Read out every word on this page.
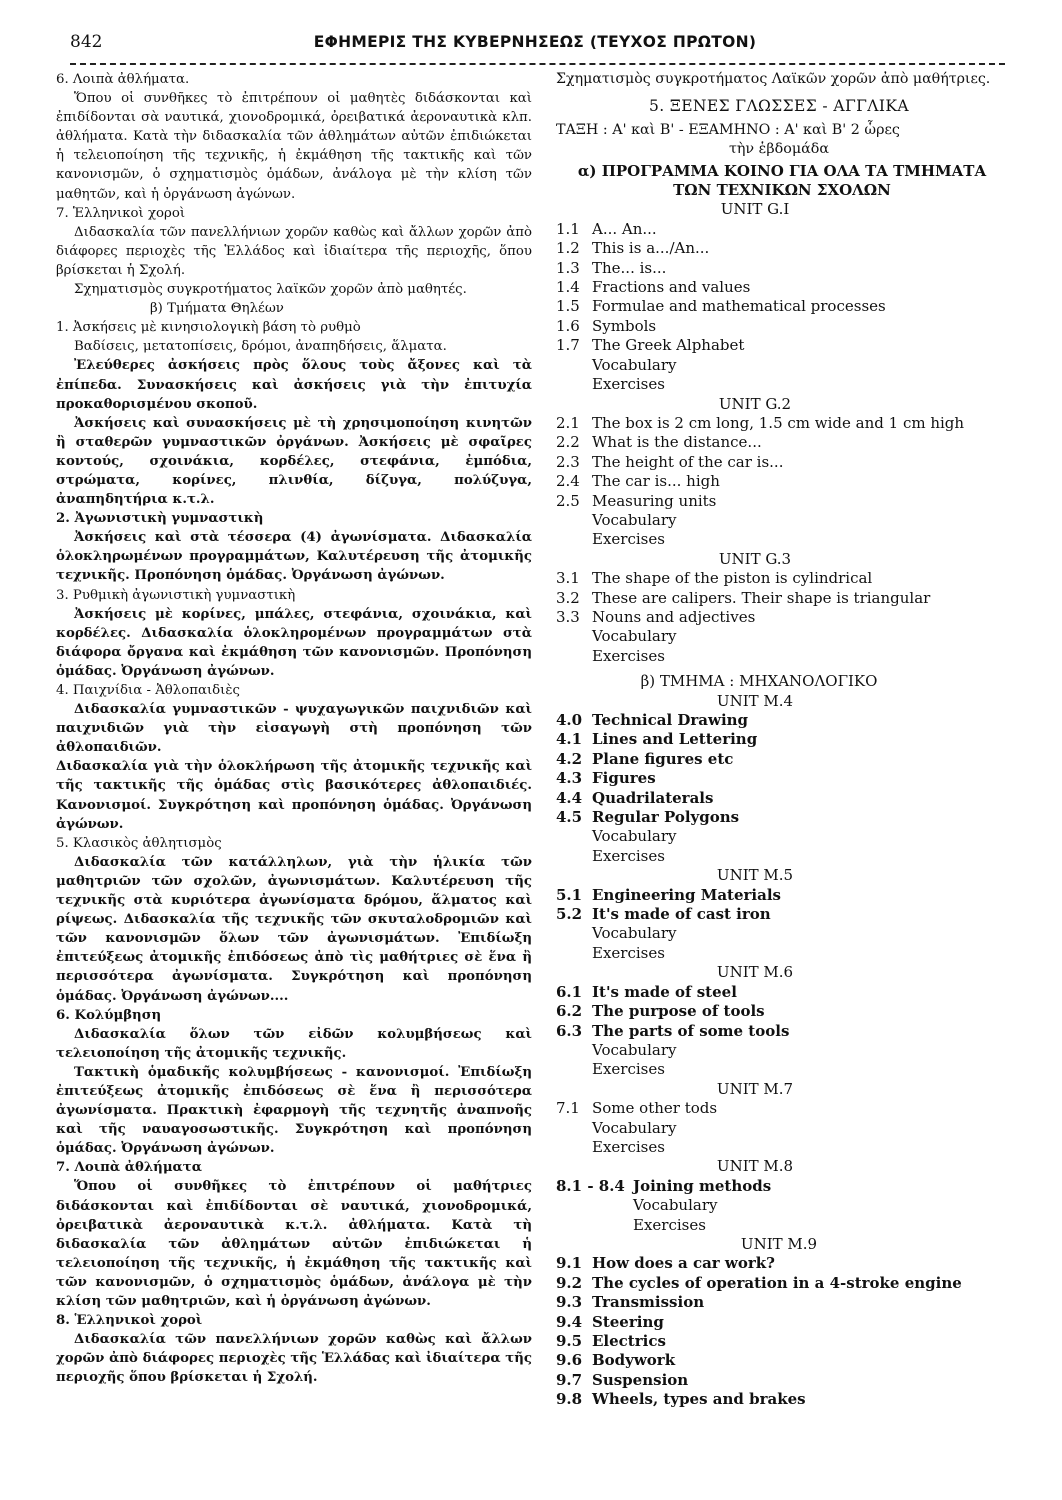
842	ΕΦΗΜΕΡΙΣ ΤΗΣ ΚΥΒΕΡΝΗΣΕΩΣ (ΤΕΥΧΟΣ ΠΡΩΤΟΝ)

6. Λοιπὰ ἀθλήματα.

Ὅπου οἱ συνθῆκες τὸ ἐπιτρέπουν οἱ μαθητὲς διδάσκονται καὶ ἐπιδίδονται σὰ ναυτικά, χιονοδρομικά, ὀρειβατικά ἀεροναυτικὰ κλπ. ἀθλήματα. Κατὰ τὴν διδασκαλία τῶν ἀθλημάτων αὐτῶν ἐπιδιώκεται ἡ τελειοποίηση τῆς τεχνικῆς, ἡ ἐκμάθηση τῆς τακτικῆς καὶ τῶν κανονισμῶν, ὁ σχηματισμὸς ὁμάδων, ἀνάλογα μὲ τὴν κλίση τῶν μαθητῶν, καὶ ἡ ὀργάνωση ἀγώνων.

7. Ἑλληνικοὶ χοροὶ

Διδασκαλία τῶν πανελλήνιων χορῶν καθὼς καὶ ἄλλων χορῶν ἀπὸ διάφορες περιοχὲς τῆς Ἑλλάδος καὶ ἰδιαίτερα τῆς περιοχῆς, ὅπου βρίσκεται ἡ Σχολή.

Σχηματισμὸς συγκροτήματος λαϊκῶν χορῶν ἀπὸ μαθητές.

β) Τμήματα Θηλέων

1. Ἀσκήσεις μὲ κινησιολογικὴ βάση τὸ ρυθμὸ

Βαδίσεις, μετατοπίσεις, δρόμοι, ἀναπηδήσεις, ἅλματα.

Ἐλεύθερες ἀσκήσεις πρὸς ὅλους τοὺς ἄξονες καὶ τὰ ἐπίπεδα. Συνασκήσεις καὶ ἀσκήσεις γιὰ τὴν ἐπιτυχία προκαθορισμένου σκοποῦ.

Ἀσκήσεις καὶ συνασκήσεις μὲ τὴ χρησιμοποίηση κινητῶν ἢ σταθερῶν γυμναστικῶν ὀργάνων. Ἀσκήσεις μὲ σφαῖρες κοντούς, σχοινάκια, κορδέλες, στεφάνια, ἐμπόδια, στρώματα, κορίνες, πλινθία, δίζυγα, πολύζυγα, ἀναπηδητήρια κ.τ.λ.

2. Ἀγωνιστικὴ γυμναστικὴ

Ἀσκήσεις καὶ στὰ τέσσερα (4) ἀγωνίσματα. Διδασκαλία ὁλοκληρωμένων προγραμμάτων, Καλυτέρευση τῆς ἀτομικῆς τεχνικῆς. Προπόνηση ὁμάδας. Ὀργάνωση ἀγώνων.

3. Ρυθμικὴ ἀγωνιστικὴ γυμναστικὴ

Ἀσκήσεις μὲ κορίνες, μπάλες, στεφάνια, σχοινάκια, καὶ κορδέλες. Διδασκαλία ὁλοκληρομένων προγραμμάτων στὰ διάφορα ὄργανα καὶ ἐκμάθηση τῶν κανονισμῶν. Προπόνηση ὁμάδας. Ὀργάνωση ἀγώνων.

4. Παιχνίδια - Ἀθλοπαιδιὲς

Διδασκαλία γυμναστικῶν - ψυχαγωγικῶν παιχνιδιῶν καὶ παιχνιδιῶν γιὰ τὴν εἰσαγωγὴ στὴ προπόνηση τῶν ἀθλοπαιδιῶν.

Διδασκαλία γιὰ τὴν ὁλοκλήρωση τῆς ἀτομικῆς τεχνικῆς καὶ τῆς τακτικῆς τῆς ὁμάδας στὶς βασικότερες ἀθλοπαιδιές. Κανονισμοί. Συγκρότηση καὶ προπόνηση ὁμάδας. Ὀργάνωση ἀγώνων.

5. Κλασικὸς ἀθλητισμὸς

Διδασκαλία τῶν κατάλληλων, γιὰ τὴν ἡλικία τῶν μαθητριῶν τῶν σχολῶν, ἀγωνισμάτων. Καλυτέρευση τῆς τεχνικῆς στὰ κυριότερα ἀγωνίσματα δρόμου, ἅλματος καὶ ρίψεως. Διδασκαλία τῆς τεχνικῆς τῶν σκυταλοδρομιῶν καὶ τῶν κανονισμῶν ὅλων τῶν ἀγωνισμάτων. Ἐπιδίωξη ἐπιτεύξεως ἀτομικῆς ἐπιδόσεως ἀπὸ τὶς μαθήτριες σὲ ἕνα ἢ περισσότερα ἀγωνίσματα. Συγκρότηση καὶ προπόνηση ὁμάδας. Ὀργάνωση ἀγώνων....

6. Κολύμβηση

Διδασκαλία ὅλων τῶν εἰδῶν κολυμβήσεως καὶ τελειοποίηση τῆς ἀτομικῆς τεχνικῆς.

Τακτικὴ ὁμαδικῆς κολυμβήσεως - κανονισμοί. Ἐπιδίωξη ἐπιτεύξεως ἀτομικῆς ἐπιδόσεως σὲ ἕνα ἢ περισσότερα ἀγωνίσματα. Πρακτικὴ ἐφαρμογὴ τῆς τεχνητῆς ἀναπνοῆς καὶ τῆς ναυαγοσωστικῆς. Συγκρότηση καὶ προπόνηση ὁμάδας. Ὀργάνωση ἀγώνων.

7. Λοιπὰ ἀθλήματα

Ὅπου οἱ συνθῆκες τὸ ἐπιτρέπουν οἱ μαθήτριες διδάσκονται καὶ ἐπιδίδονται σὲ ναυτικά, χιονοδρομικά, ὀρειβατικὰ ἀεροναυτικὰ κ.τ.λ. ἀθλήματα. Κατὰ τὴ διδασκαλία τῶν ἀθλημάτων αὐτῶν ἐπιδιώκεται ἡ τελειοποίηση τῆς τεχνικῆς, ἡ ἐκμάθηση τῆς τακτικῆς καὶ τῶν κανονισμῶν, ὁ σχηματισμὸς ὁμάδων, ἀνάλογα μὲ τὴν κλίση τῶν μαθητριῶν, καὶ ἡ ὀργάνωση ἀγώνων.

8. Ἑλληνικοὶ χοροὶ

Διδασκαλία τῶν πανελλήνιων χορῶν καθὼς καὶ ἄλλων χορῶν ἀπὸ διάφορες περιοχὲς τῆς Ἑλλάδας καὶ ἰδιαίτερα τῆς περιοχῆς ὅπου βρίσκεται ἡ Σχολή.

Σχηματισμὸς συγκροτήματος Λαϊκῶν χορῶν ἀπὸ μαθήτριες.

5. ΞΕΝΕΣ ΓΛΩΣΣΕΣ - ΑΓΓΛΙΚΑ

ΤΑΞΗ : Α' καὶ Β' - ΕΞΑΜΗΝΟ : Α' καὶ Β' 2 ὧρες

τὴν ἑβδομάδα

α) ΠΡΟΓΡΑΜΜΑ ΚΟΙΝΟ ΓΙΑ ΟΛΑ ΤΑ ΤΜΗΜΑΤΑ ΤΩΝ ΤΕΧΝΙΚΩΝ ΣΧΟΛΩΝ

UNIT G.I

1.1 A... An...

1.2 This is a.../An...

1.3 The... is...

1.4 Fractions and values

1.5 Formulae and mathematical processes

1.6 Symbols

1.7 The Greek Alphabet

Vocabulary

Exercises

UNIT G.2

2.1 The box is 2 cm long, 1.5 cm wide and 1 cm high

2.2 What is the distance...

2.3 The height of the car is...

2.4 The car is... high

2.5 Measuring units

Vocabulary

Exercises

UNIT G.3

3.1 The shape of the piston is cylindrical

3.2 These are calipers. Their shape is triangular

3.3 Nouns and adjectives

Vocabulary

Exercises

β) ΤΜΗΜΑ : ΜΗΧΑΝΟΛΟΓΙΚΟ

UNIT M.4

4.0 Technical Drawing

4.1 Lines and Lettering

4.2 Plane figures etc

4.3 Figures

4.4 Quadrilaterals

4.5 Regular Polygons

Vocabulary

Exercises

UNIT M.5

5.1 Engineering Materials

5.2 It's made of cast iron

Vocabulary

Exercises

UNIT M.6

6.1 It's made of steel

6.2 The purpose of tools

6.3 The parts of some tools

Vocabulary

Exercises

UNIT M.7

7.1 Some other tods

Vocabulary

Exercises

UNIT M.8

8.1 - 8.4 Joining methods

Vocabulary

Exercises

UNIT M.9

9.1 How does a car work?

9.2 The cycles of operation in a 4-stroke engine

9.3 Transmission

9.4 Steering

9.5 Electrics

9.6 Bodywork

9.7 Suspension

9.8 Wheels, types and brakes
